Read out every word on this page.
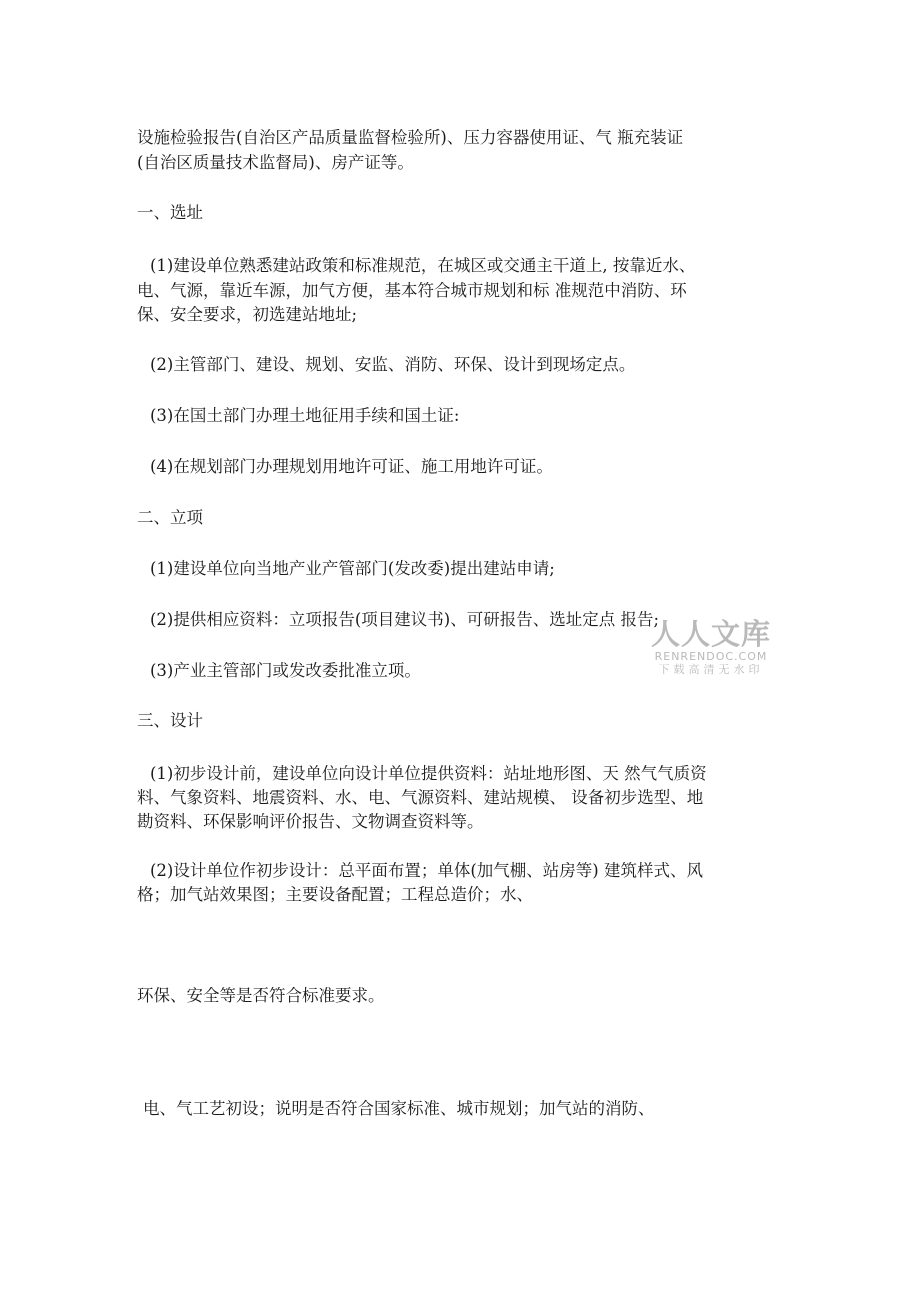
设施检验报告(自治区产品质量监督检验所)、压力容器使用证、气 瓶充装证
(自治区质量技术监督局)、房产证等。
一、选址
(1)建设单位熟悉建站政策和标准规范，在城区或交通主干道上, 按靠近水、
电、气源，靠近车源，加气方便，基本符合城市规划和标 准规范中消防、环
保、安全要求，初选建站地址;
(2)主管部门、建设、规划、安监、消防、环保、设计到现场定点。
(3)在国土部门办理土地征用手续和国土证:
(4)在规划部门办理规划用地许可证、施工用地许可证。
二、立项
(1)建设单位向当地产业产管部门(发改委)提出建站申请;
(2)提供相应资料：立项报告(项目建议书)、可研报告、选址定点 报告;
(3)产业主管部门或发改委批准立项。
三、设计
(1)初步设计前，建设单位向设计单位提供资料：站址地形图、天 然气气质资
料、气象资料、地震资料、水、电、气源资料、建站规模、 设备初步选型、地
勘资料、环保影响评价报告、文物调查资料等。
(2)设计单位作初步设计：总平面布置；单体(加气棚、站房等) 建筑样式、风
格；加气站效果图；主要设备配置；工程总造价；水、
环保、安全等是否符合标准要求。
电、气工艺初设；说明是否符合国家标准、城市规划；加气站的消防、
人人文库
RENRENDOC.COM
下载高清无水印
